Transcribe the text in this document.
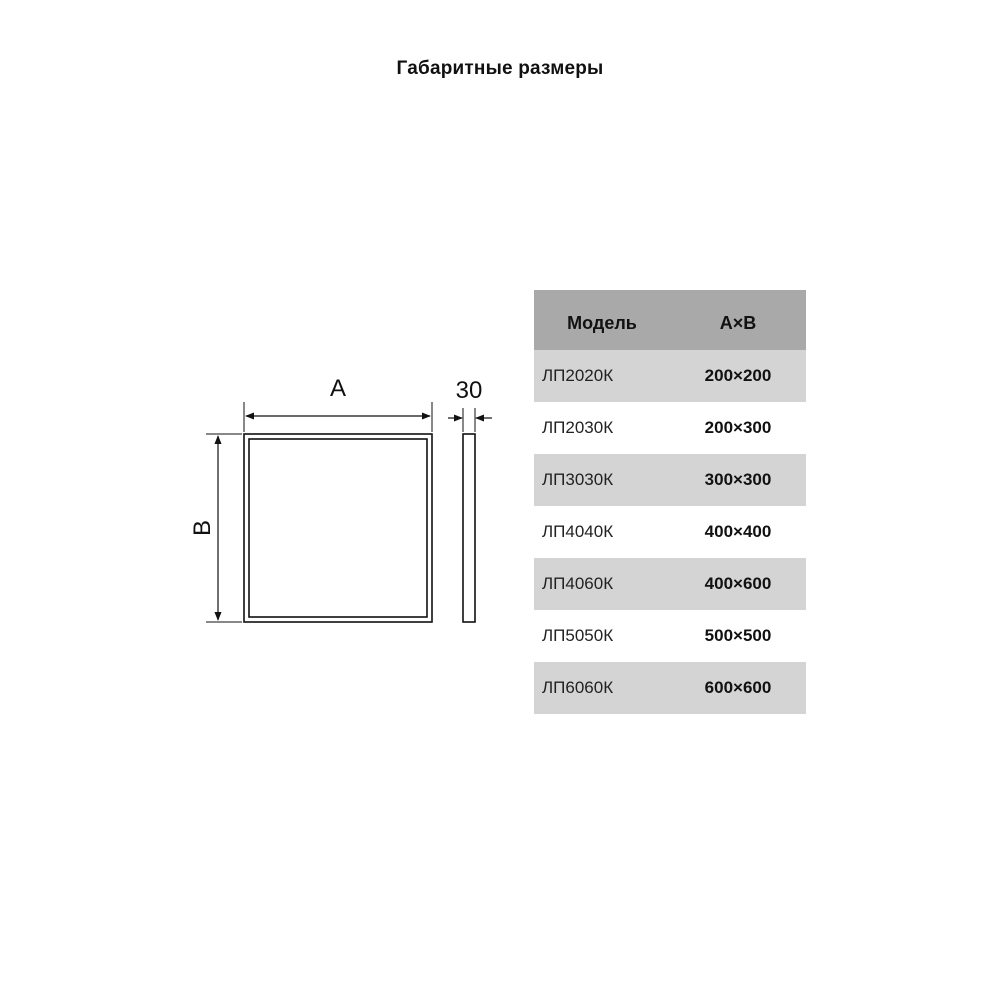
Габаритные размеры
A
B
30
Модель	A×B
ЛП2020К	200×200
ЛП2030К	200×300
ЛП3030К	300×300
ЛП4040К	400×400
ЛП4060К	400×600
ЛП5050К	500×500
ЛП6060К	600×600
